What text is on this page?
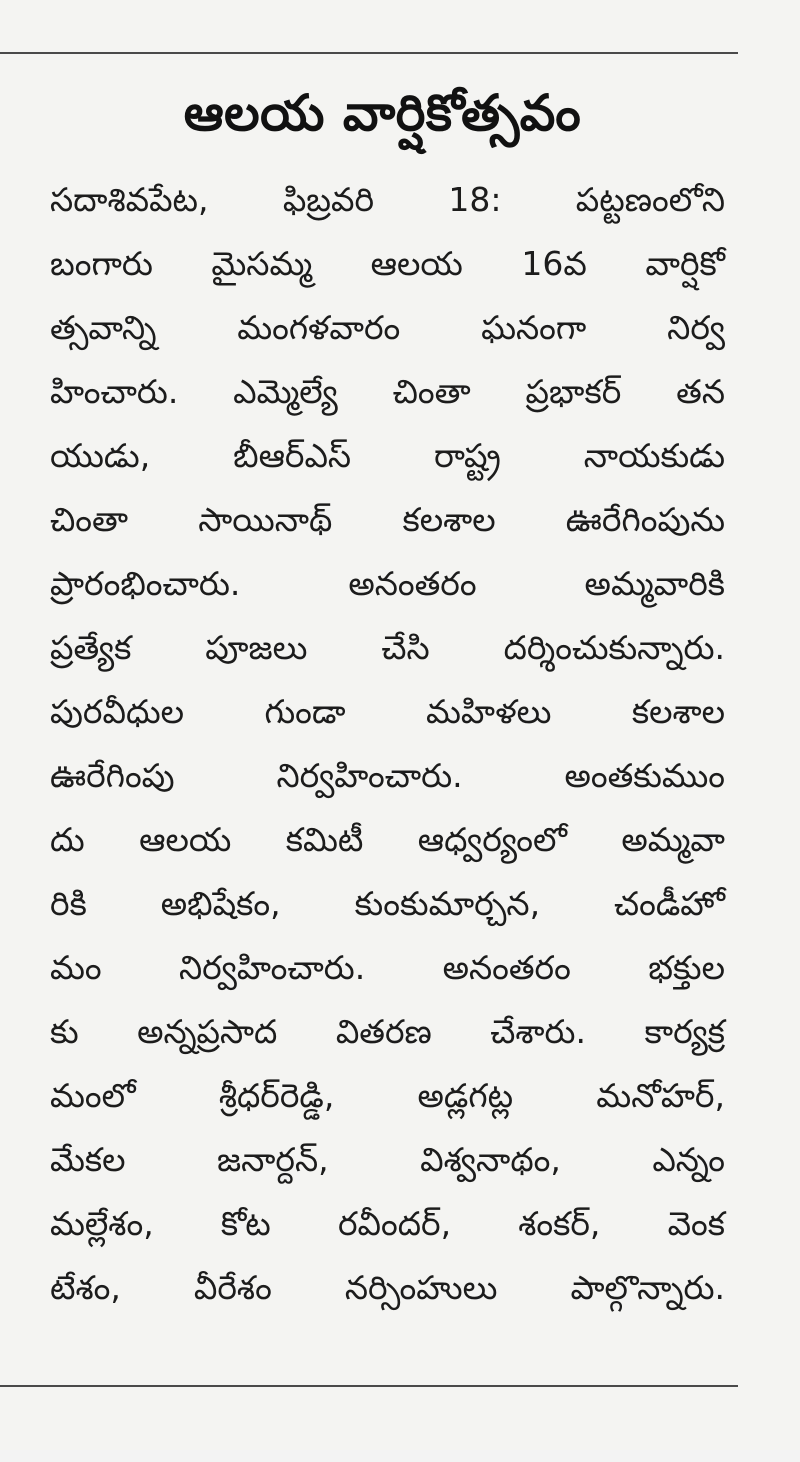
ఆలయ వార్షికోత్సవం
సదాశివపేట, ఫిబ్రవరి 18: పట్టణంలోని
బంగారు మైసమ్మ ఆలయ 16వ వార్షికో
త్సవాన్ని మంగళవారం ఘనంగా నిర్వ
హించారు. ఎమ్మెల్యే చింతా ప్రభాకర్ తన
యుడు, బీఆర్ఎస్ రాష్ట్ర నాయకుడు
చింతా సాయినాథ్ కలశాల ఊరేగింపును
ప్రారంభించారు. అనంతరం అమ్మవారికి
ప్రత్యేక పూజలు చేసి దర్శించుకున్నారు.
పురవీధుల గుండా మహిళలు కలశాల
ఊరేగింపు నిర్వహించారు. అంతకుముం
దు ఆలయ కమిటీ ఆధ్వర్యంలో అమ్మవా
రికి అభిషేకం, కుంకుమార్చన, చండీహో
మం నిర్వహించారు. అనంతరం భక్తుల
కు అన్నప్రసాద వితరణ చేశారు. కార్యక్ర
మంలో శ్రీధర్‌రెడ్డి, అడ్లగట్ల మనోహర్,
మేకల జనార్దన్, విశ్వనాథం, ఎన్నం
మల్లేశం, కోట రవీందర్, శంకర్, వెంక
టేశం, వీరేశం నర్సింహులు పాల్గొన్నారు.
